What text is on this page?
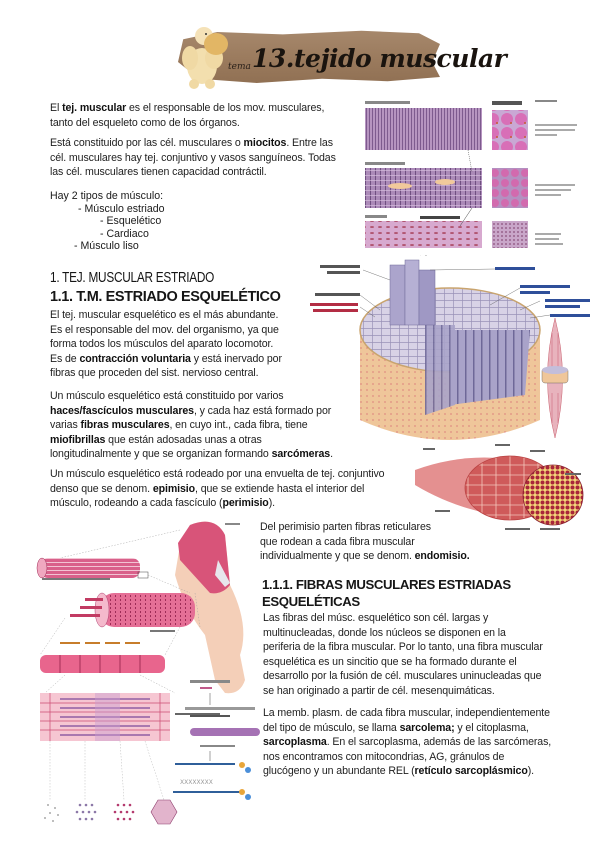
tema 13.tejido muscular
El tej. muscular es el responsable de los mov. musculares,
tanto del esqueleto como de los órganos.
Está constituido por las cél. musculares o miocitos. Entre las
cél. musculares hay tej. conjuntivo y vasos sanguíneos. Todas
las cél. musculares tienen capacidad contráctil.
Hay 2 tipos de músculo:
- Músculo estriado
- Esquelético
- Cardiaco
- Músculo liso
1. TEJ. MUSCULAR ESTRIADO
1.1. T.M. ESTRIADO ESQUELÉTICO
El tej. muscular esquelético es el más abundante.
Es el responsable del mov. del organismo, ya que
forma todos los músculos del aparato locomotor.
Es de contracción voluntaria y está inervado por
fibras que proceden del sist. nervioso central.
Un músculo esquelético está constituido por varios
haces/fascículos musculares, y cada haz está formado por
varias fibras musculares, en cuyo int., cada fibra, tiene
miofibrillas que están adosadas unas a otras
longitudinalmente y que se organizan formando sarcómeras.
Un músculo esquelético está rodeado por una envuelta de tej. conjuntivo
denso que se denom. epimisio, que se extiende hasta el interior del
músculo, rodeando a cada fascículo (perimisio).
Del perimisio parten fibras reticulares
que rodean a cada fibra muscular
individualmente y que se denom. endomisio.
1.1.1. FIBRAS MUSCULARES ESTRIADAS
ESQUELÉTICAS
Las fibras del músc. esquelético son cél. largas y
multinucleadas, donde los núcleos se disponen en la
periferia de la fibra muscular. Por lo tanto, una fibra muscular
esquelética es un sincitio que se ha formado durante el
desarrollo por la fusión de cél. musculares uninucleadas que
se han originado a partir de cél. mesenquimáticas.
La memb. plasm. de cada fibra muscular, independientemente
del tipo de músculo, se llama sarcolema; y el citoplasma,
sarcoplasma. En el sarcoplasma, además de las sarcómeras,
nos encontramos con mitocondrias, AG, gránulos de
glucógeno y un abundante REL (retículo sarcoplásmico).
XXXXXXXX
